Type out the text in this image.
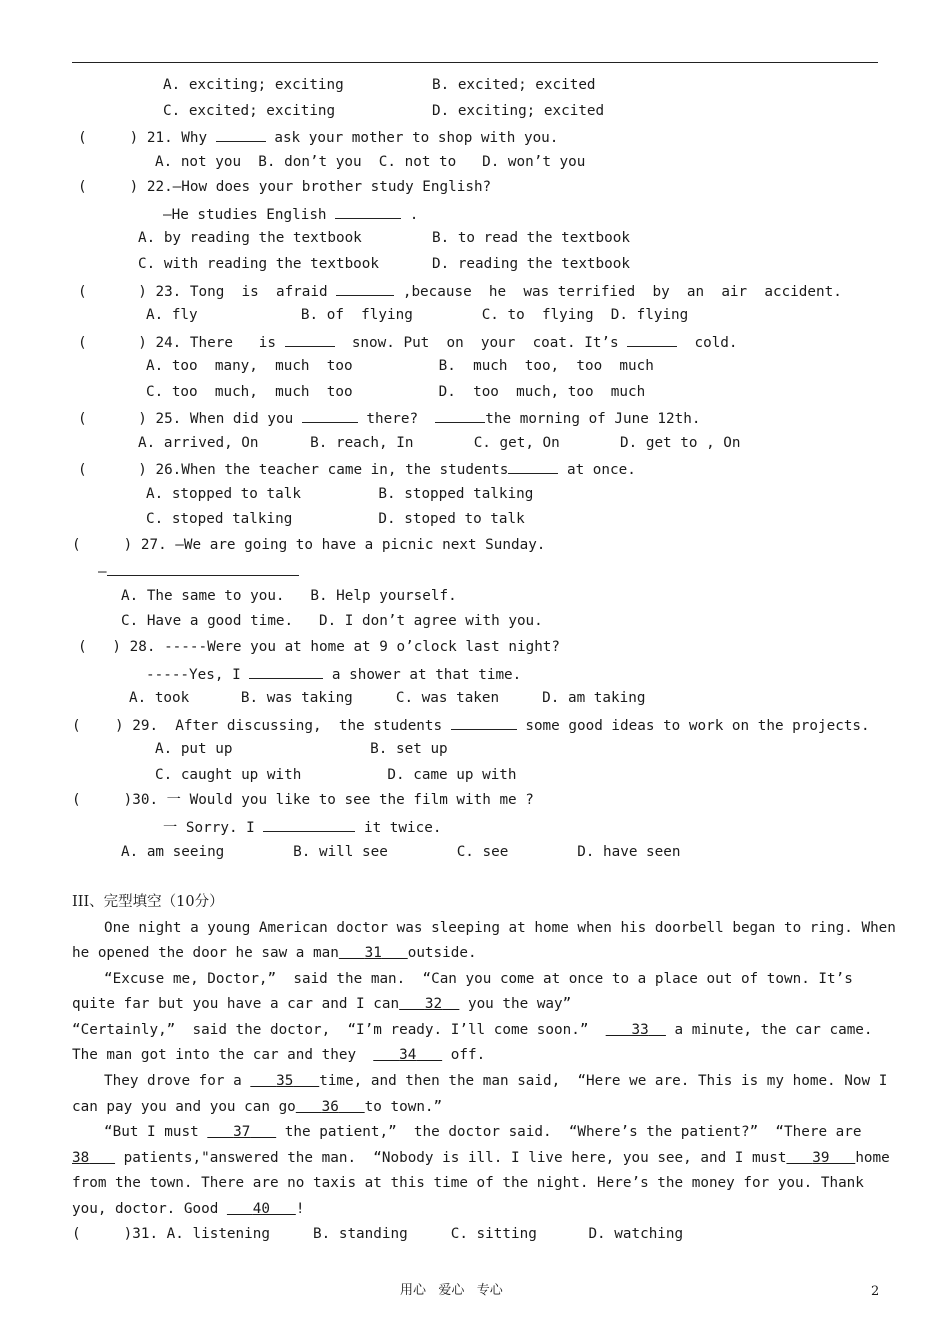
A. exciting; exciting	B. excited; excited
C. excited; exciting	D. exciting; excited
(     ) 21. Why	ask your mother to shop with you.
A. not you  B. don’t you  C. not to   D. won’t you
(     ) 22.—How does your brother study English?
—He studies English	.
A. by reading the textbook	B. to read the textbook
C. with reading the textbook	D. reading the textbook
(      ) 23. Tong  is  afraid	,because  he  was terrified  by  an  air  accident.
A. fly            B. of  flying        C. to  flying  D. flying
(      ) 24. There   is	snow. Put  on  your  coat. It’s	cold.
A. too  many,  much  too          B.  much  too,  too  much
C. too  much,  much  too          D.  too  much, too  much
(      ) 25. When did you	there?	the morning of June 12th.
A. arrived, On      B. reach, In       C. get, On       D. get to , On
(      ) 26.When the teacher came in, the students	at once.
A. stopped to talk         B. stopped talking
C. stoped talking          D. stoped to talk
(     ) 27. —We are going to have a picnic next Sunday.
—
A. The same to you.   B. Help yourself.
C. Have a good time.   D. I don’t agree with you.
(   ) 28. -----Were you at home at 9 o’clock last night?
-----Yes, I	a shower at that time.
A. took      B. was taking     C. was taken     D. am taking
(    ) 29.  After discussing,  the students	some good ideas to work on the projects.
A. put up                B. set up
C. caught up with          D. came up with
(     )30. 一 Would you like to see the film with me ?
一 Sorry. I	it twice.
A. am seeing        B. will see        C. see        D. have seen
III、完型填空（10分）
One night a young American doctor was sleeping at home when his doorbell began to ring. When
he opened the door he saw a man 31 outside.
“Excuse me, Doctor,”  said the man.  “Can you come at once to a place out of town. It’s
quite far but you have a car and I can 32 you the way”
“Certainly,”  said the doctor,  “I’m ready. I’ll come soon.”	33 a minute, the car came.
The man got into the car and they	34 off.
They drove for a 35 time, and then the man said,  “Here we are. This is my home. Now I
can pay you and you can go 36 to town.”
“But I must 37 the patient,”  the doctor said.  “Where’s the patient?”  “There are
38 patients,"answered the man.  “Nobody is ill. I live here, you see, and I must 39 home
from the town. There are no taxis at this time of the night. Here’s the money for you. Thank
you, doctor. Good 40 !
(     )31. A. listening     B. standing     C. sitting      D. watching
用心   爱心   专心	2
